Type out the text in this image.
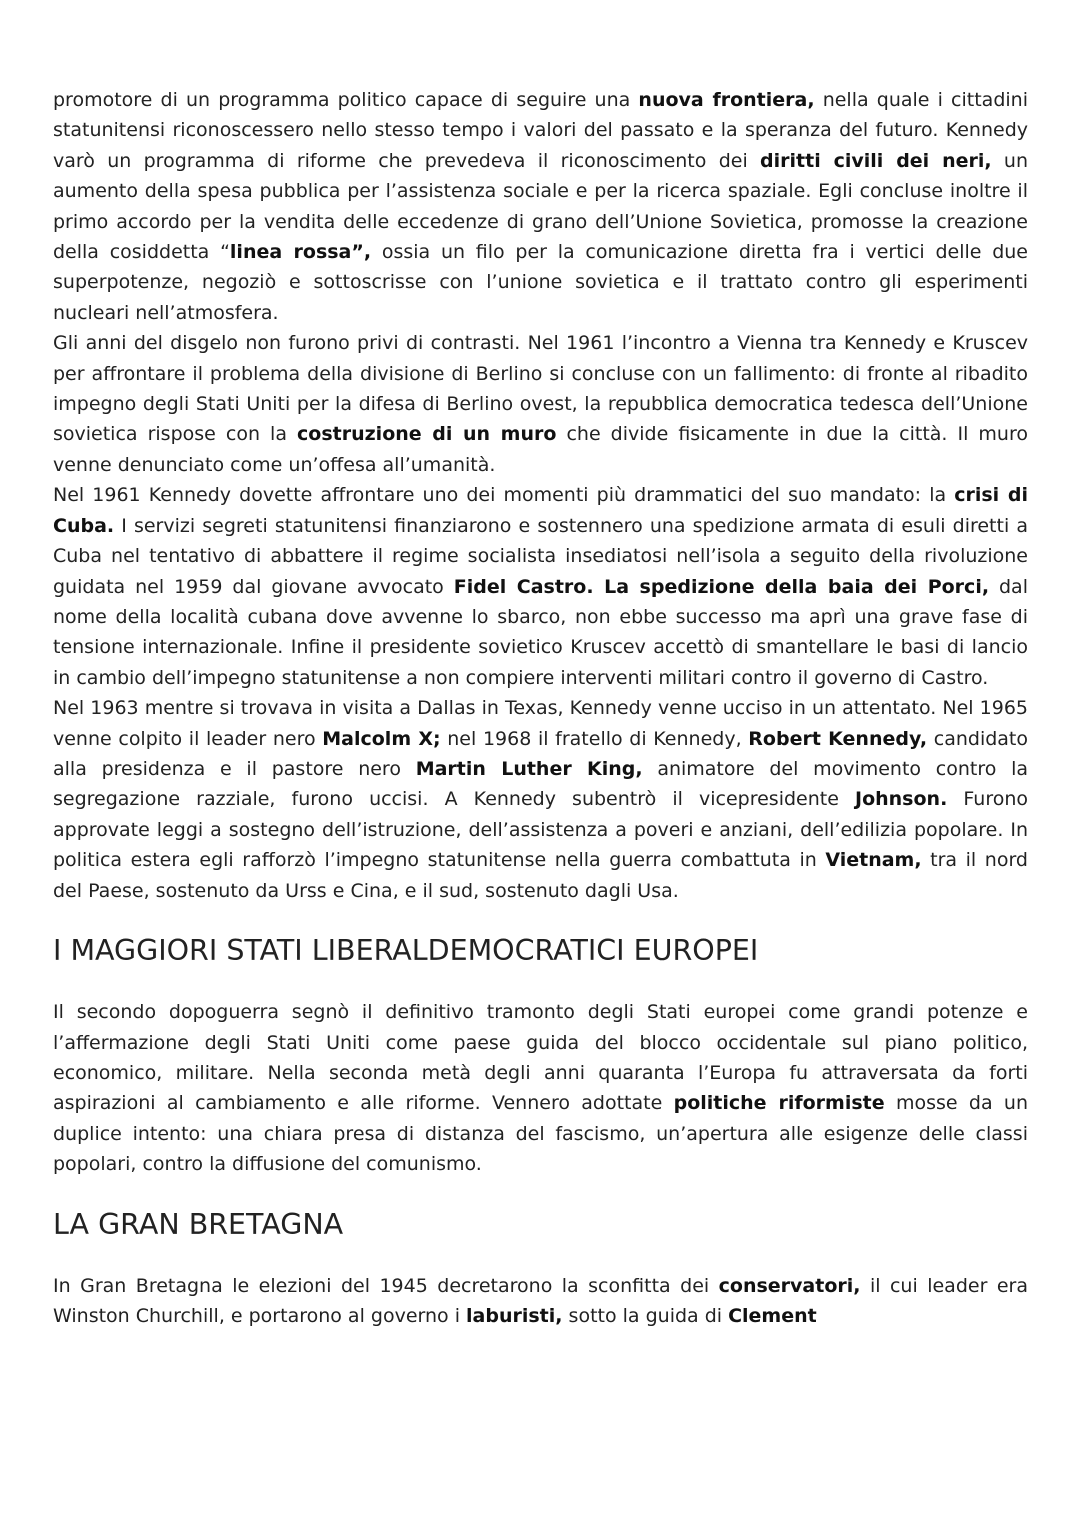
promotore di un programma politico capace di seguire una nuova frontiera, nella quale i cittadini statunitensi riconoscessero nello stesso tempo i valori del passato e la speranza del futuro. Kennedy varò un programma di riforme che prevedeva il riconoscimento dei diritti civili dei neri, un aumento della spesa pubblica per l’assistenza sociale e per la ricerca spaziale. Egli concluse inoltre il primo accordo per la vendita delle eccedenze di grano dell’Unione Sovietica, promosse la creazione della cosiddetta “linea rossa”, ossia un filo per la comunicazione diretta fra i vertici delle due superpotenze, negoziò e sottoscrisse con l’unione sovietica e il trattato contro gli esperimenti nucleari nell’atmosfera.

Gli anni del disgelo non furono privi di contrasti. Nel 1961 l’incontro a Vienna tra Kennedy e Kruscev per affrontare il problema della divisione di Berlino si concluse con un fallimento: di fronte al ribadito impegno degli Stati Uniti per la difesa di Berlino ovest, la repubblica democratica tedesca dell’Unione sovietica rispose con la costruzione di un muro che divide fisicamente in due la città. Il muro venne denunciato come un’offesa all’umanità.

Nel 1961 Kennedy dovette affrontare uno dei momenti più drammatici del suo mandato: la crisi di Cuba. I servizi segreti statunitensi finanziarono e sostennero una spedizione armata di esuli diretti a Cuba nel tentativo di abbattere il regime socialista insediatosi nell’isola a seguito della rivoluzione guidata nel 1959 dal giovane avvocato Fidel Castro. La spedizione della baia dei Porci, dal nome della località cubana dove avvenne lo sbarco, non ebbe successo ma aprì una grave fase di tensione internazionale. Infine il presidente sovietico Kruscev accettò di smantellare le basi di lancio in cambio dell’impegno statunitense a non compiere interventi militari contro il governo di Castro.

Nel 1963 mentre si trovava in visita a Dallas in Texas, Kennedy venne ucciso in un attentato. Nel 1965 venne colpito il leader nero Malcolm X; nel 1968 il fratello di Kennedy, Robert Kennedy, candidato alla presidenza e il pastore nero Martin Luther King, animatore del movimento contro la segregazione razziale, furono uccisi. A Kennedy subentrò il vicepresidente Johnson. Furono approvate leggi a sostegno dell’istruzione, dell’assistenza a poveri e anziani, dell’edilizia popolare. In politica estera egli rafforzò l’impegno statunitense nella guerra combattuta in Vietnam, tra il nord del Paese, sostenuto da Urss e Cina, e il sud, sostenuto dagli Usa.

I MAGGIORI STATI LIBERALDEMOCRATICI EUROPEI

Il secondo dopoguerra segnò il definitivo tramonto degli Stati europei come grandi potenze e l’affermazione degli Stati Uniti come paese guida del blocco occidentale sul piano politico, economico, militare. Nella seconda metà degli anni quaranta l’Europa fu attraversata da forti aspirazioni al cambiamento e alle riforme. Vennero adottate politiche riformiste mosse da un duplice intento: una chiara presa di distanza del fascismo, un’apertura alle esigenze delle classi popolari, contro la diffusione del comunismo.

LA GRAN BRETAGNA

In Gran Bretagna le elezioni del 1945 decretarono la sconfitta dei conservatori, il cui leader era Winston Churchill, e portarono al governo i laburisti, sotto la guida di Clement
